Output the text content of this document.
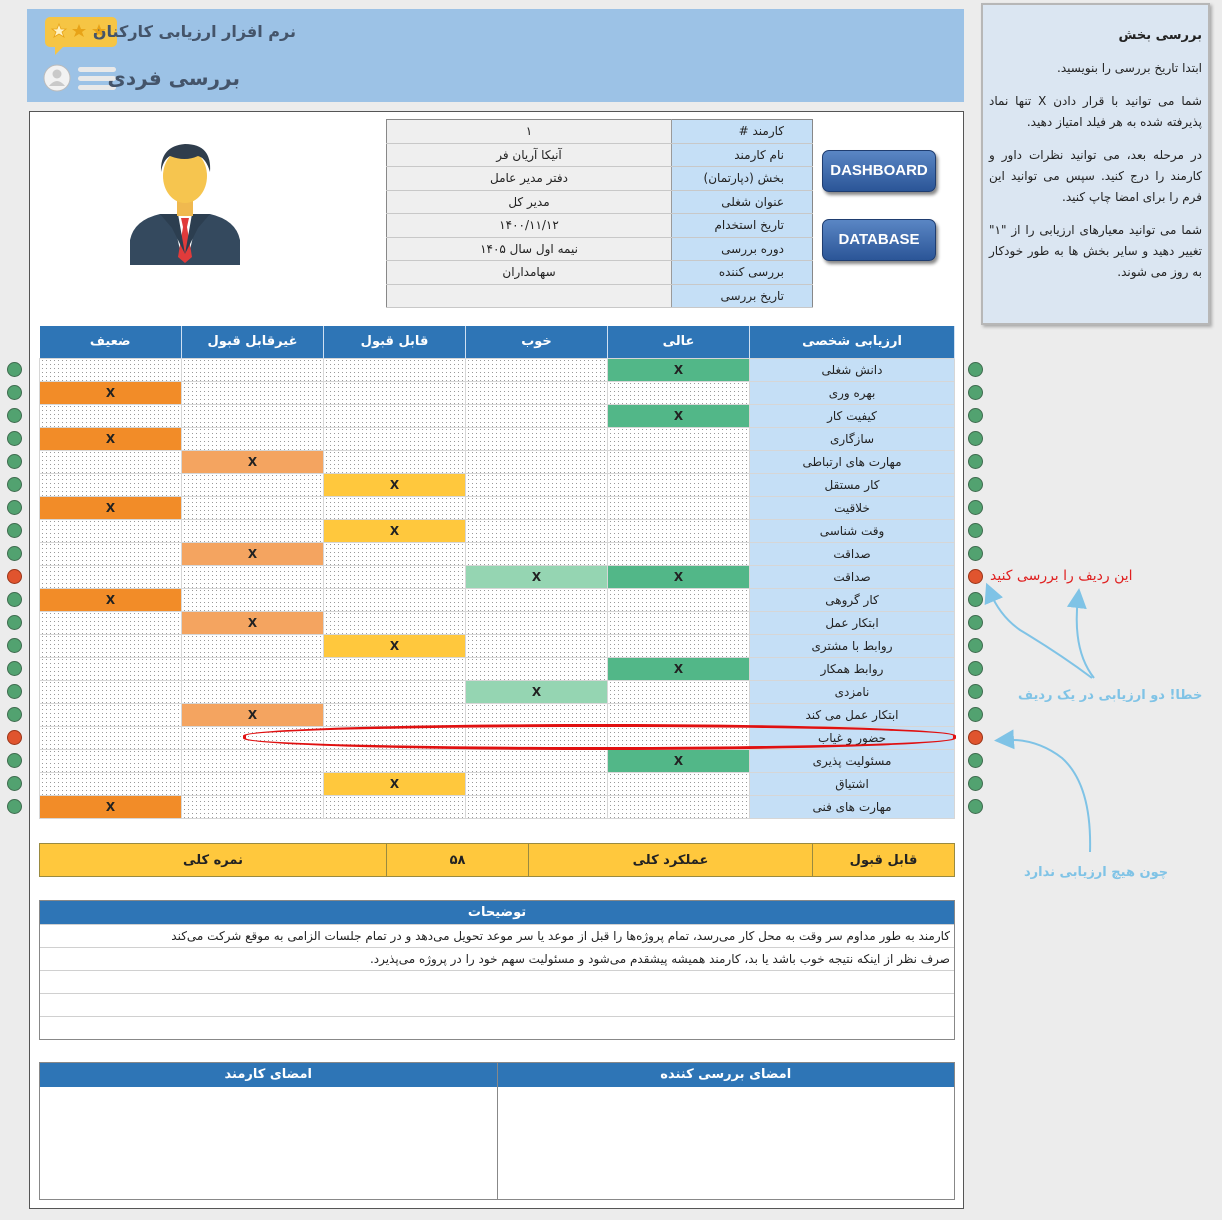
نرم افزار ارزیابی کارکنان
بررسی فردی
بررسی بخش

ابتدا تاریخ بررسی را بنویسید.

شما می توانید با قرار دادن X تنها نماد پذیرفته شده به هر فیلد امتیاز دهید.

در مرحله بعد، می توانید نظرات داور و کارمند را درج کنید. سپس می توانید این فرم را برای امضا چاپ کنید.

شما می توانید معیارهای ارزیابی را از "۱" تغییر دهید و سایر بخش ها به طور خودکار به روز می شوند.

کارمند #	۱
نام کارمند	آنیکا آریان فر
بخش (دپارتمان)	دفتر مدیر عامل
عنوان شغلی	مدیر کل
تاریخ استخدام	۱۴۰۰/۱۱/۱۲
دوره بررسی	نیمه اول سال ۱۴۰۵
بررسی کننده	سهامداران
تاریخ بررسی	
DASHBOARD
DATABASE
ارزیابی شخصی	عالی	خوب	قابل قبول	غیرقابل قبول	ضعیف
دانش شغلی	X				
بهره وری					X
کیفیت کار	X				
سازگاری					X
مهارت های ارتباطی				X	
کار مستقل			X		
خلاقیت					X
وقت شناسی			X		
صداقت				X	
صداقت	X	X			
کار گروهی					X
ابتکار عمل				X	
روابط با مشتری			X		
روابط همکار	X				
نامزدی		X			
ابتکار عمل می کند				X	
حضور و غیاب					
مسئولیت پذیری	X				
اشتیاق			X		
مهارت های فنی					X
قابل قبول	عملکرد کلی	۵۸	نمره کلی
توضیحات
کارمند به طور مداوم سر وقت به محل کار می‌رسد، تمام پروژه‌ها را قبل از موعد یا سر موعد تحویل می‌دهد و در تمام جلسات الزامی به موقع شرکت می‌کند
صرف نظر از اینکه نتیجه خوب باشد یا بد، کارمند همیشه پیشقدم می‌شود و مسئولیت سهم خود را در پروژه می‌پذیرد.
امضای بررسی کننده
امضای کارمند
این ردیف را بررسی کنید
خطا! دو ارزیابی در یک ردیف
چون هیچ ارزیابی ندارد
